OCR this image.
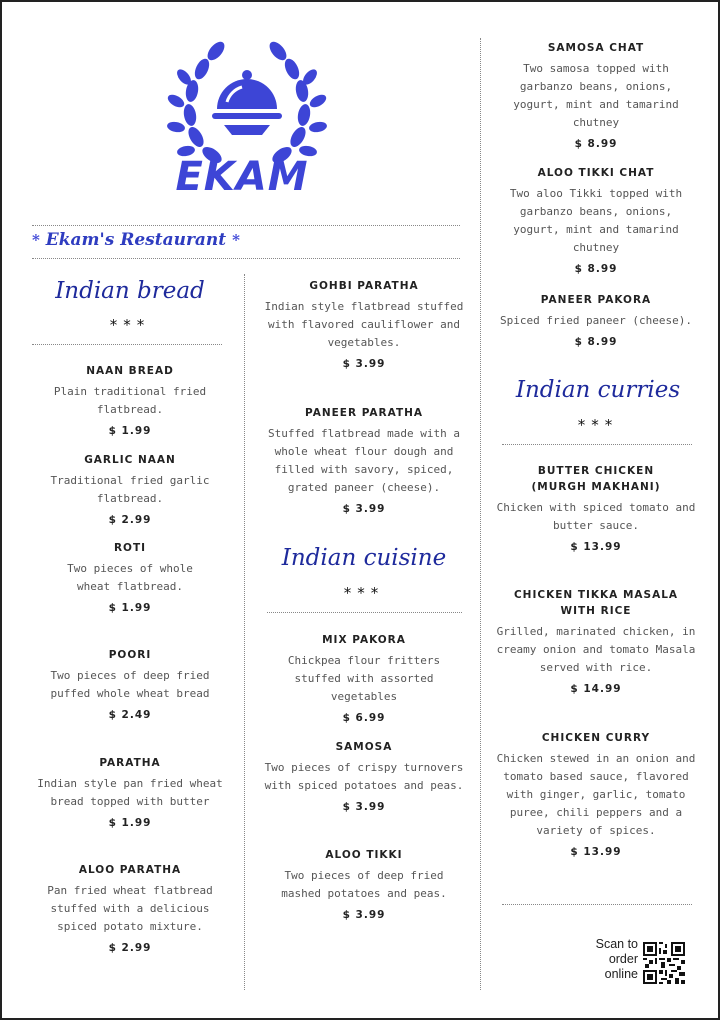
EKAM
* Ekam's Restaurant *
Indian bread
***
NAAN BREAD
Plain traditional fried flatbread.
$ 1.99
GARLIC NAAN
Traditional fried garlic flatbread.
$ 2.99
ROTI
Two pieces of whole wheat flatbread.
$ 1.99
POORI
Two pieces of deep fried puffed whole wheat bread
$ 2.49
PARATHA
Indian style pan fried wheat bread topped with butter
$ 1.99
ALOO PARATHA
Pan fried wheat flatbread stuffed with a delicious spiced potato mixture.
$ 2.99
GOHBI PARATHA
Indian style flatbread stuffed with flavored cauliflower and vegetables.
$ 3.99
PANEER PARATHA
Stuffed flatbread made with a whole wheat flour dough and filled with savory, spiced, grated paneer (cheese).
$ 3.99
Indian cuisine
***
MIX PAKORA
Chickpea flour fritters stuffed with assorted vegetables
$ 6.99
SAMOSA
Two pieces of crispy turnovers with spiced potatoes and peas.
$ 3.99
ALOO TIKKI
Two pieces of deep fried mashed potatoes and peas.
$ 3.99
SAMOSA CHAT
Two samosa topped with garbanzo beans, onions, yogurt, mint and tamarind chutney
$ 8.99
ALOO TIKKI CHAT
Two aloo Tikki topped with garbanzo beans, onions, yogurt, mint and tamarind chutney
$ 8.99
PANEER PAKORA
Spiced fried paneer (cheese).
$ 8.99
Indian curries
***
BUTTER CHICKEN (MURGH MAKHANI)
Chicken with spiced tomato and butter sauce.
$ 13.99
CHICKEN TIKKA MASALA WITH RICE
Grilled, marinated chicken, in creamy onion and tomato Masala served with rice.
$ 14.99
CHICKEN CURRY
Chicken stewed in an onion and tomato based sauce, flavored with ginger, garlic, tomato puree, chili peppers and a variety of spices.
$ 13.99
Scan to order online
